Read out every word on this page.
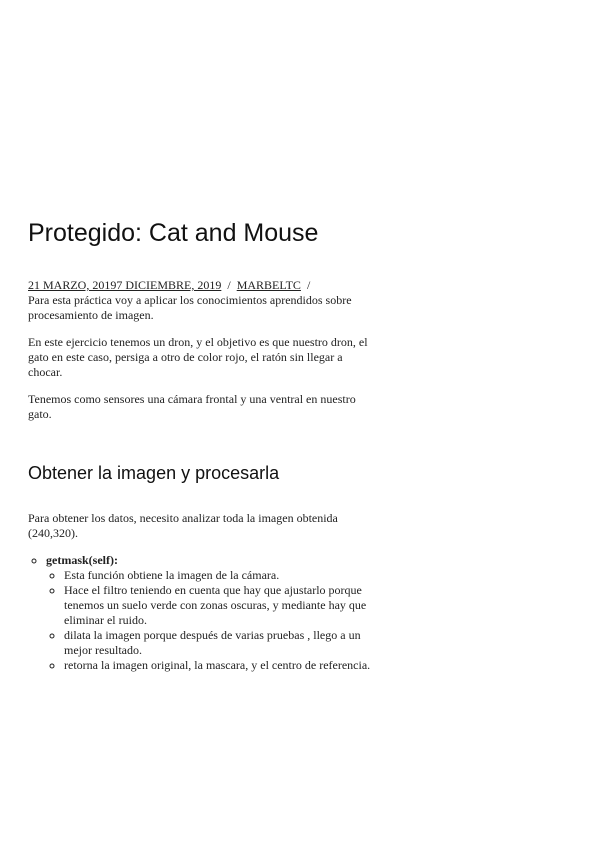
Protegido: Cat and Mouse
21 MARZO, 20197 DICIEMBRE, 2019 / MARBELTC /

Para esta práctica voy a aplicar los conocimientos aprendidos sobre procesamiento de imagen.

En este ejercicio tenemos un dron, y el objetivo es que nuestro dron, el gato en este caso, persiga a otro de color rojo, el ratón sin llegar a chocar.

Tenemos como sensores una cámara frontal y una ventral en nuestro gato.

Obtener la imagen y procesarla

Para obtener los datos, necesito analizar toda la imagen obtenida (240,320).

◦ getmask(self):
◦ Esta función obtiene la imagen de la cámara.
◦ Hace el filtro teniendo en cuenta que hay que ajustarlo porque tenemos un suelo verde con zonas oscuras, y mediante hay que eliminar el ruido.
◦ dilata la imagen porque después de varias pruebas , llego a un mejor resultado.
◦ retorna la imagen original, la mascara, y el centro de referencia.
